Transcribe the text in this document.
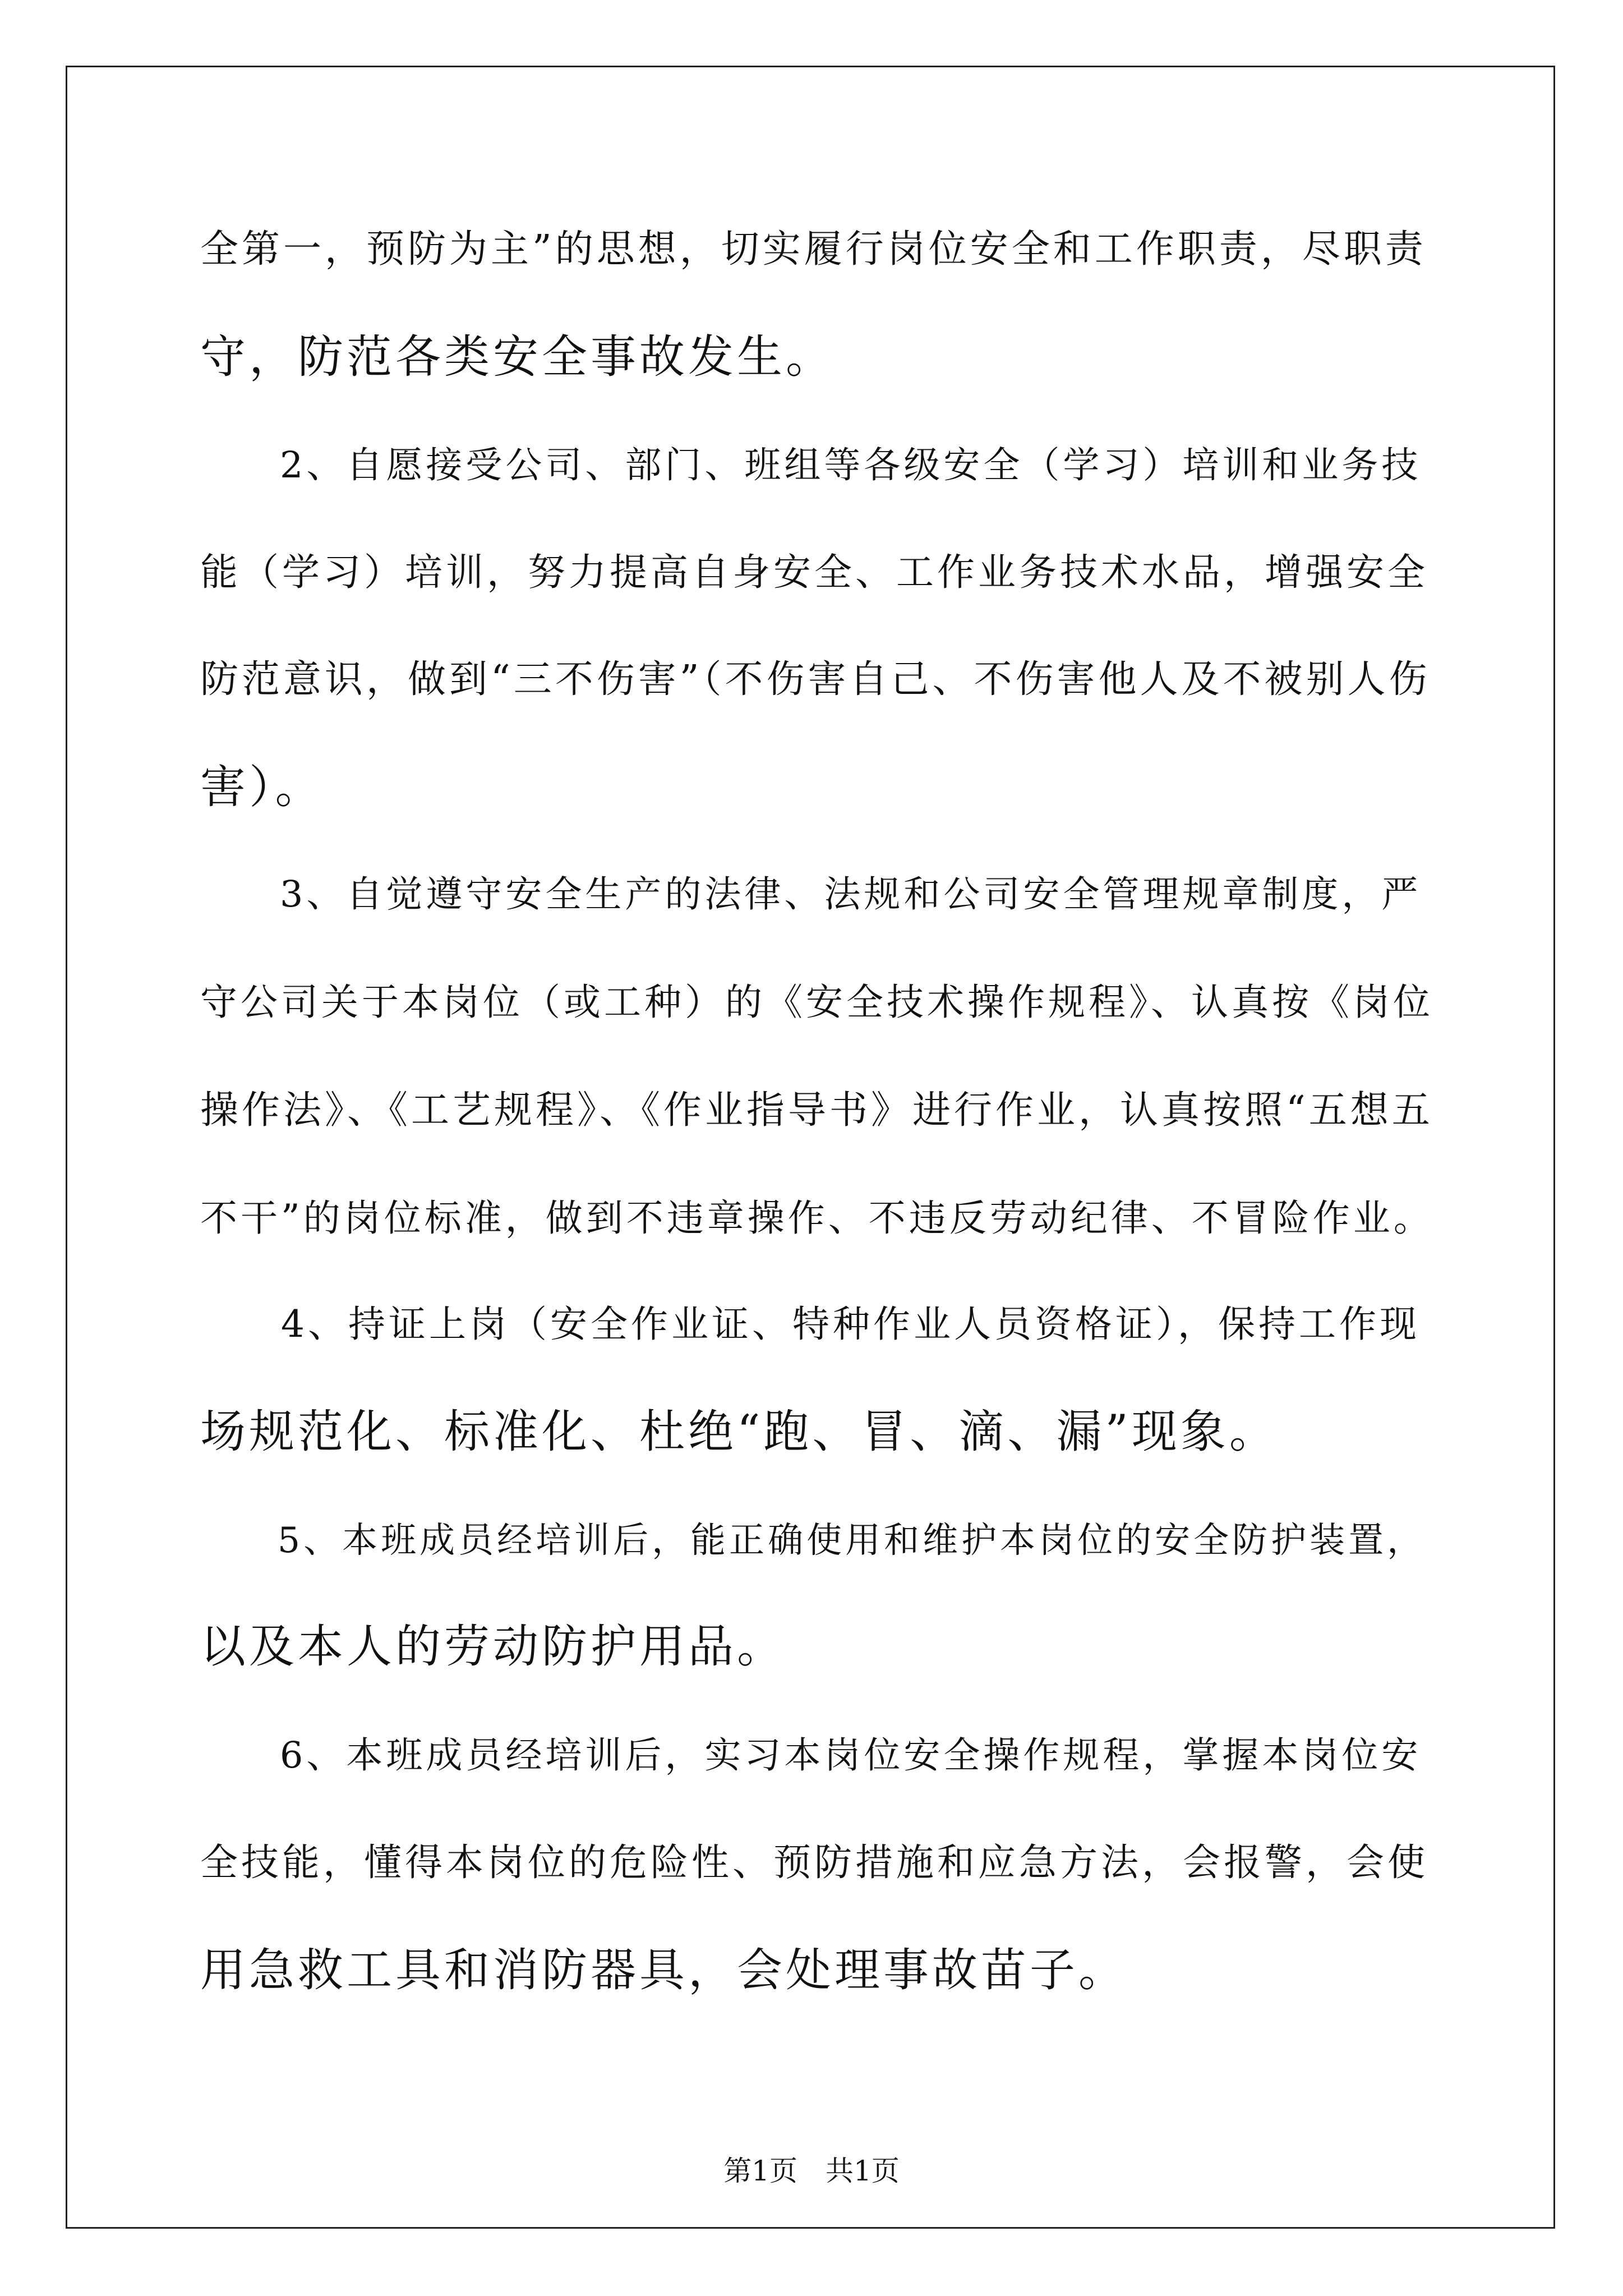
全第一，预防为主”的思想，切实履行岗位安全和工作职责，尽职责
守，防范各类安全事故发生。
　　2、自愿接受公司、部门、班组等各级安全（学习）培训和业务技
能（学习）培训，努力提高自身安全、工作业务技术水品，增强安全
防范意识，做到“三不伤害”（不伤害自己、不伤害他人及不被别人伤
害）。
　　3、自觉遵守安全生产的法律、法规和公司安全管理规章制度，严
守公司关于本岗位（或工种）的《安全技术操作规程》、认真按《岗位
操作法》、《工艺规程》、《作业指导书》进行作业，认真按照“五想五
不干”的岗位标准，做到不违章操作、不违反劳动纪律、不冒险作业。
　　4、持证上岗（安全作业证、特种作业人员资格证），保持工作现
场规范化、标准化、杜绝“跑、冒、滴、漏”现象。
　　5、本班成员经培训后，能正确使用和维护本岗位的安全防护装置，
以及本人的劳动防护用品。
　　6、本班成员经培训后，实习本岗位安全操作规程，掌握本岗位安
全技能，懂得本岗位的危险性、预防措施和应急方法，会报警，会使
用急救工具和消防器具，会处理事故苗子。
第1页　共1页
